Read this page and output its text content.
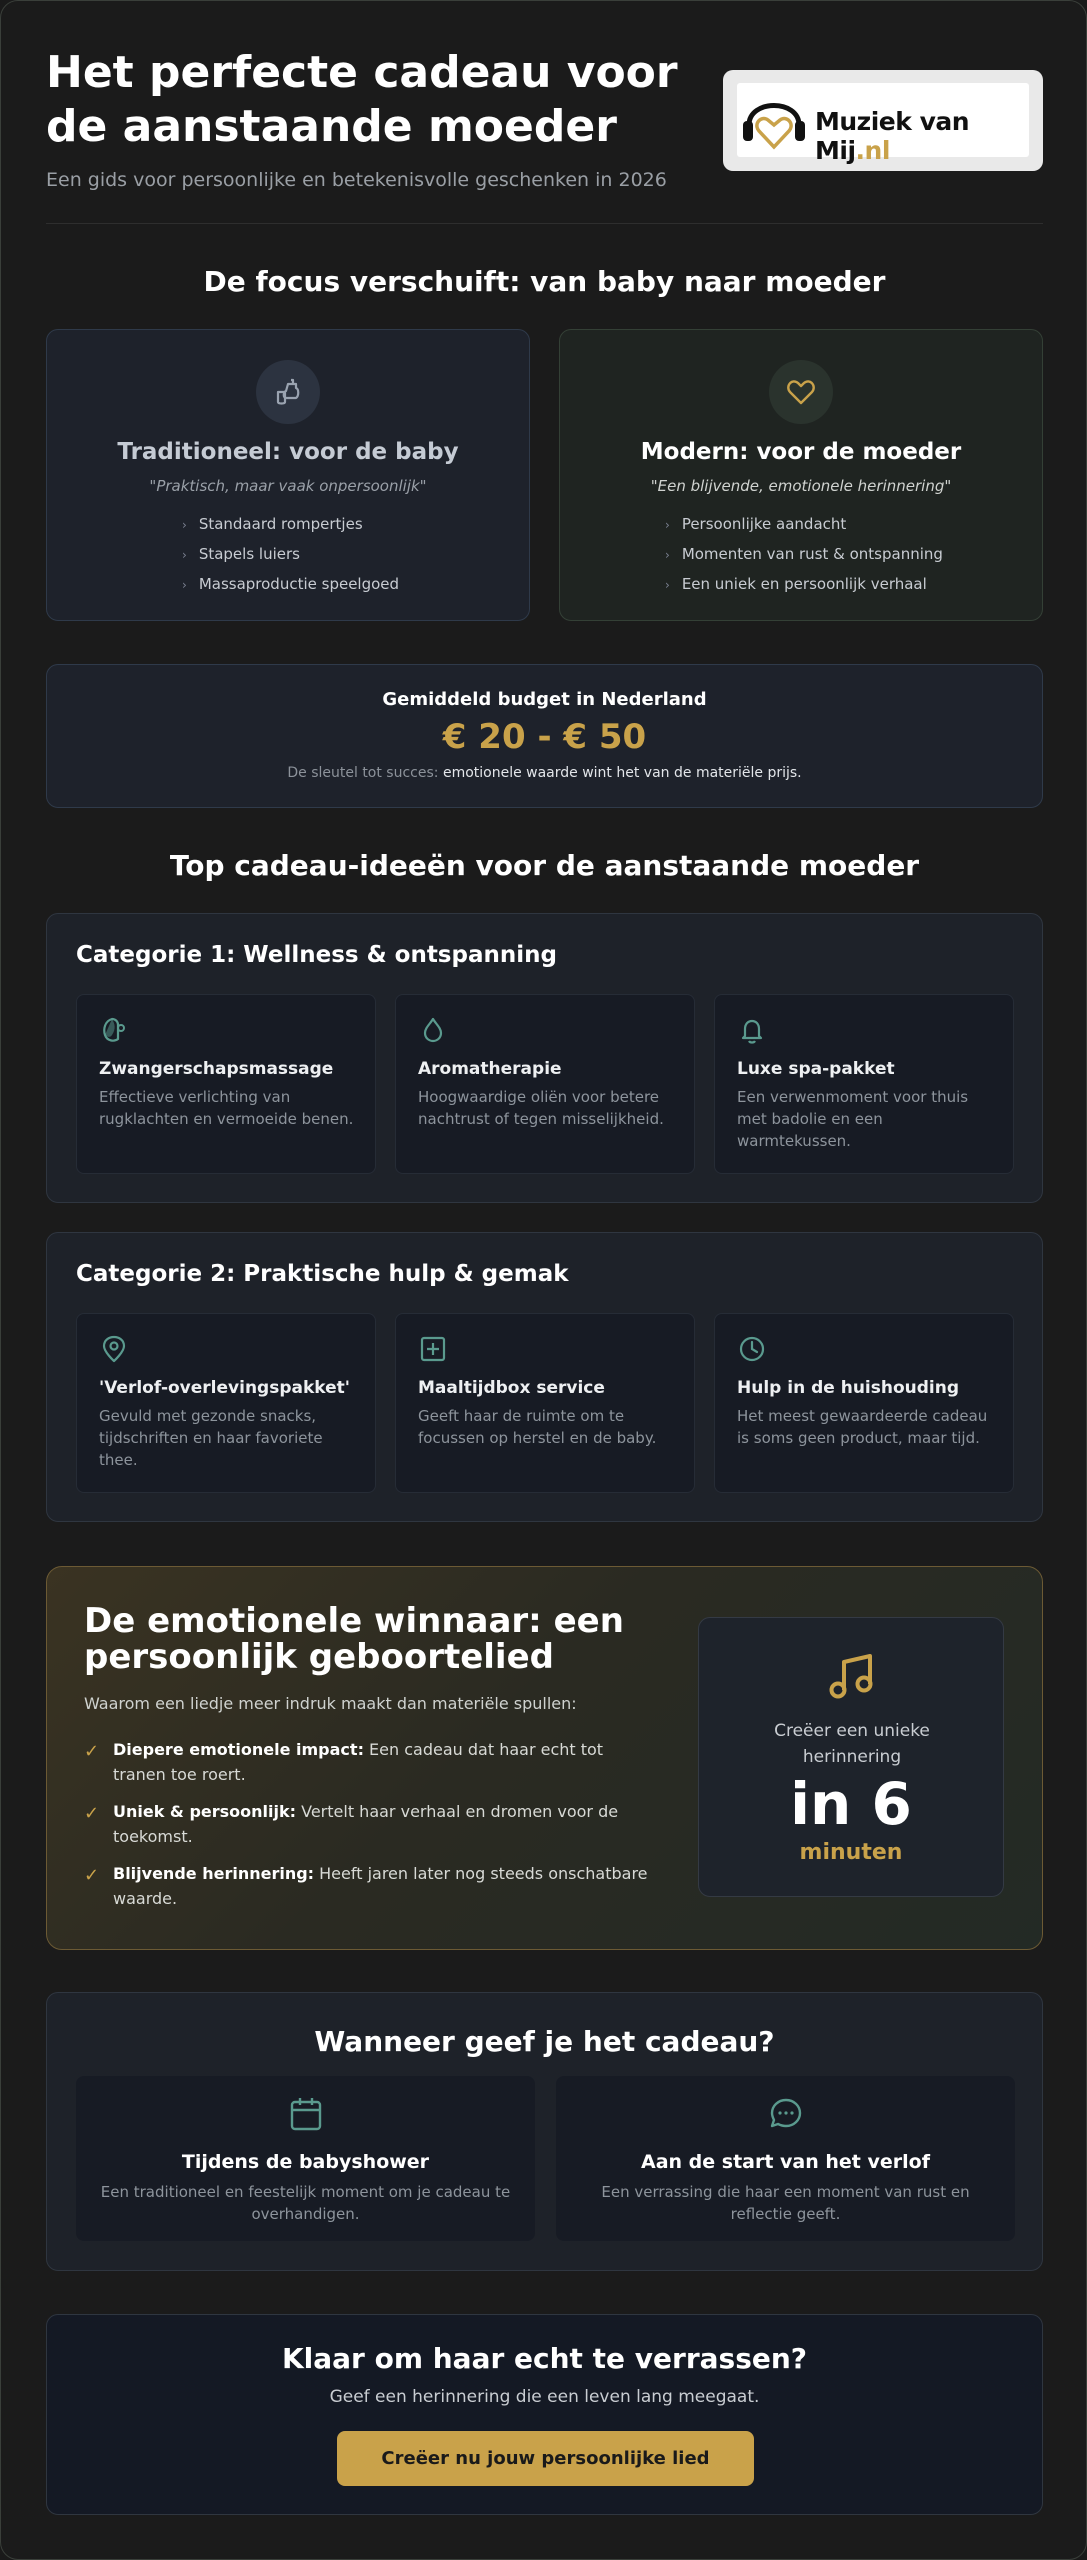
Het perfecte cadeau voor de aanstaande moeder

Een gids voor persoonlijke en betekenisvolle geschenken in 2026

Muziek van Mij.nl
De focus verschuift: van baby naar moeder
Traditioneel: voor de baby
"Praktisch, maar vaak onpersoonlijk"
› Standaard rompertjes
› Stapels luiers
› Massaproductie speelgoed
Modern: voor de moeder
"Een blijvende, emotionele herinnering"
› Persoonlijke aandacht
› Momenten van rust & ontspanning
› Een uniek en persoonlijk verhaal
Gemiddeld budget in Nederland
€ 20 - € 50
De sleutel tot succes: emotionele waarde wint het van de materiële prijs.
Top cadeau-ideeën voor de aanstaande moeder
Categorie 1: Wellness & ontspanning
Zwangerschapsmassage
Effectieve verlichting van rugklachten en vermoeide benen.
Aromatherapie
Hoogwaardige oliën voor betere nachtrust of tegen misselijkheid.
Luxe spa-pakket
Een verwenmoment voor thuis met badolie en een warmtekussen.
Categorie 2: Praktische hulp & gemak
'Verlof-overlevingspakket'
Gevuld met gezonde snacks, tijdschriften en haar favoriete thee.
Maaltijdbox service
Geeft haar de ruimte om te focussen op herstel en de baby.
Hulp in de huishouding
Het meest gewaardeerde cadeau is soms geen product, maar tijd.
De emotionele winnaar: een persoonlijk geboortelied

Waarom een liedje meer indruk maakt dan materiële spullen:

✓ Diepere emotionele impact: Een cadeau dat haar echt tot tranen toe roert.
✓ Uniek & persoonlijk: Vertelt haar verhaal en dromen voor de toekomst.
✓ Blijvende herinnering: Heeft jaren later nog steeds onschatbare waarde.
Creëer een unieke herinnering
in 6
minuten
Wanneer geef je het cadeau?
Tijdens de babyshower
Een traditioneel en feestelijk moment om je cadeau te overhandigen.
Aan de start van het verlof
Een verrassing die haar een moment van rust en reflectie geeft.
Klaar om haar echt te verrassen?

Geef een herinnering die een leven lang meegaat.

Creëer nu jouw persoonlijke lied
